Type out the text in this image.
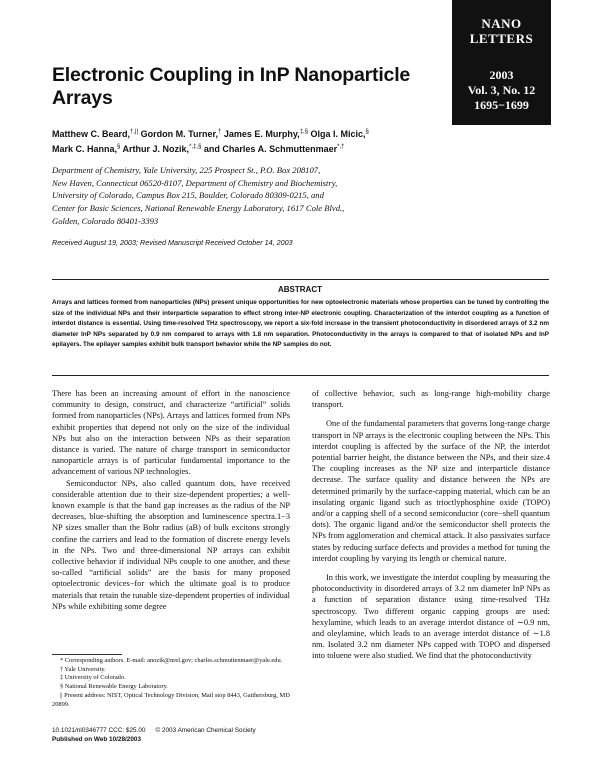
NANO
LETTERS
2003
Vol. 3, No. 12
1695−1699
Electronic Coupling in InP Nanoparticle Arrays
Matthew C. Beard,†,|| Gordon M. Turner,† James E. Murphy,‡,§ Olga I. Micic,§
Mark C. Hanna,§ Arthur J. Nozik,*,‡,§ and Charles A. Schmuttenmaer*,†
Department of Chemistry, Yale University, 225 Prospect St., P.O. Box 208107,
New Haven, Connecticut 06520-8107, Department of Chemistry and Biochemistry,
University of Colorado, Campus Box 215, Boulder, Colorado 80309-0215, and
Center for Basic Sciences, National Renewable Energy Laboratory, 1617 Cole Blvd.,
Golden, Colorado 80401-3393
Received August 19, 2003; Revised Manuscript Received October 14, 2003
ABSTRACT
Arrays and lattices formed from nanoparticles (NPs) present unique opportunities for new optoelectronic materials whose properties can be tuned by controlling the size of the individual NPs and their interparticle separation to effect strong inter-NP electronic coupling. Characterization of the interdot coupling as a function of interdot distance is essential. Using time-resolved THz spectroscopy, we report a six-fold increase in the transient photoconductivity in disordered arrays of 3.2 nm diameter InP NPs separated by 0.9 nm compared to arrays with 1.8 nm separation. Photoconductivity in the arrays is compared to that of isolated NPs and InP epilayers. The epilayer samples exhibit bulk transport behavior while the NP samples do not.

There has been an increasing amount of effort in the nanoscience community to design, construct, and characterize “artificial” solids formed from nanoparticles (NPs). Arrays and lattices formed from NPs exhibit properties that depend not only on the size of the individual NPs but also on the interaction between NPs as their separation distance is varied. The nature of charge transport in semiconductor nanoparticle arrays is of particular fundamental importance to the advancement of various NP technologies.

Semiconductor NPs, also called quantum dots, have received considerable attention due to their size-dependent properties; a well-known example is that the band gap increases as the radius of the NP decreases, blue-shifting the absorption and luminescence spectra.1−3 NP sizes smaller than the Bohr radius (aB) of bulk excitons strongly confine the carriers and lead to the formation of discrete energy levels in the NPs. Two and three-dimensional NP arrays can exhibit collective behavior if individual NPs couple to one another, and these so-called “artificial solids” are the basis for many proposed optoelectronic devices−for which the ultimate goal is to produce materials that retain the tunable size-dependent properties of individual NPs while exhibiting some degree

of collective behavior, such as long-range high-mobility charge transport.

One of the fundamental parameters that governs long-range charge transport in NP arrays is the electronic coupling between the NPs. This interdot coupling is affected by the surface of the NP, the interdot potential barrier height, the distance between the NPs, and their size.4 The coupling increases as the NP size and interparticle distance decrease. The surface quality and distance between the NPs are determined primarily by the surface-capping material, which can be an insulating organic ligand such as trioctlyphosphine oxide (TOPO) and/or a capping shell of a second semiconductor (core−shell quantum dots). The organic ligand and/or the semiconductor shell protects the NPs from agglomeration and chemical attack. It also passivates surface states by reducing surface defects and provides a method for tuning the interdot coupling by varying its length or chemical nature.

In this work, we investigate the interdot coupling by measuring the photoconductivity in disordered arrays of 3.2 nm diameter InP NPs as a function of separation distance using time-resolved THz spectroscopy. Two different organic capping groups are used: hexylamine, which leads to an average interdot distance of ∼0.9 nm, and oleylamine, which leads to an average interdot distance of ∼1.8 nm. Isolated 3.2 nm diameter NPs capped with TOPO and dispersed into toluene were also studied. We find that the photoconductivity

* Corresponding authors. E-mail: anozik@nrel.gov; charles.schmuttenmaer@yale.edu.
† Yale University.
‡ University of Colorado.
§ National Renewable Energy Laboratory.
|| Present address: NIST, Optical Technology Division, Mail stop 8443, Gaithersburg, MD 20899.
10.1021/nl0346777 CCC: $25.00 © 2003 American Chemical Society
Published on Web 10/28/2003
